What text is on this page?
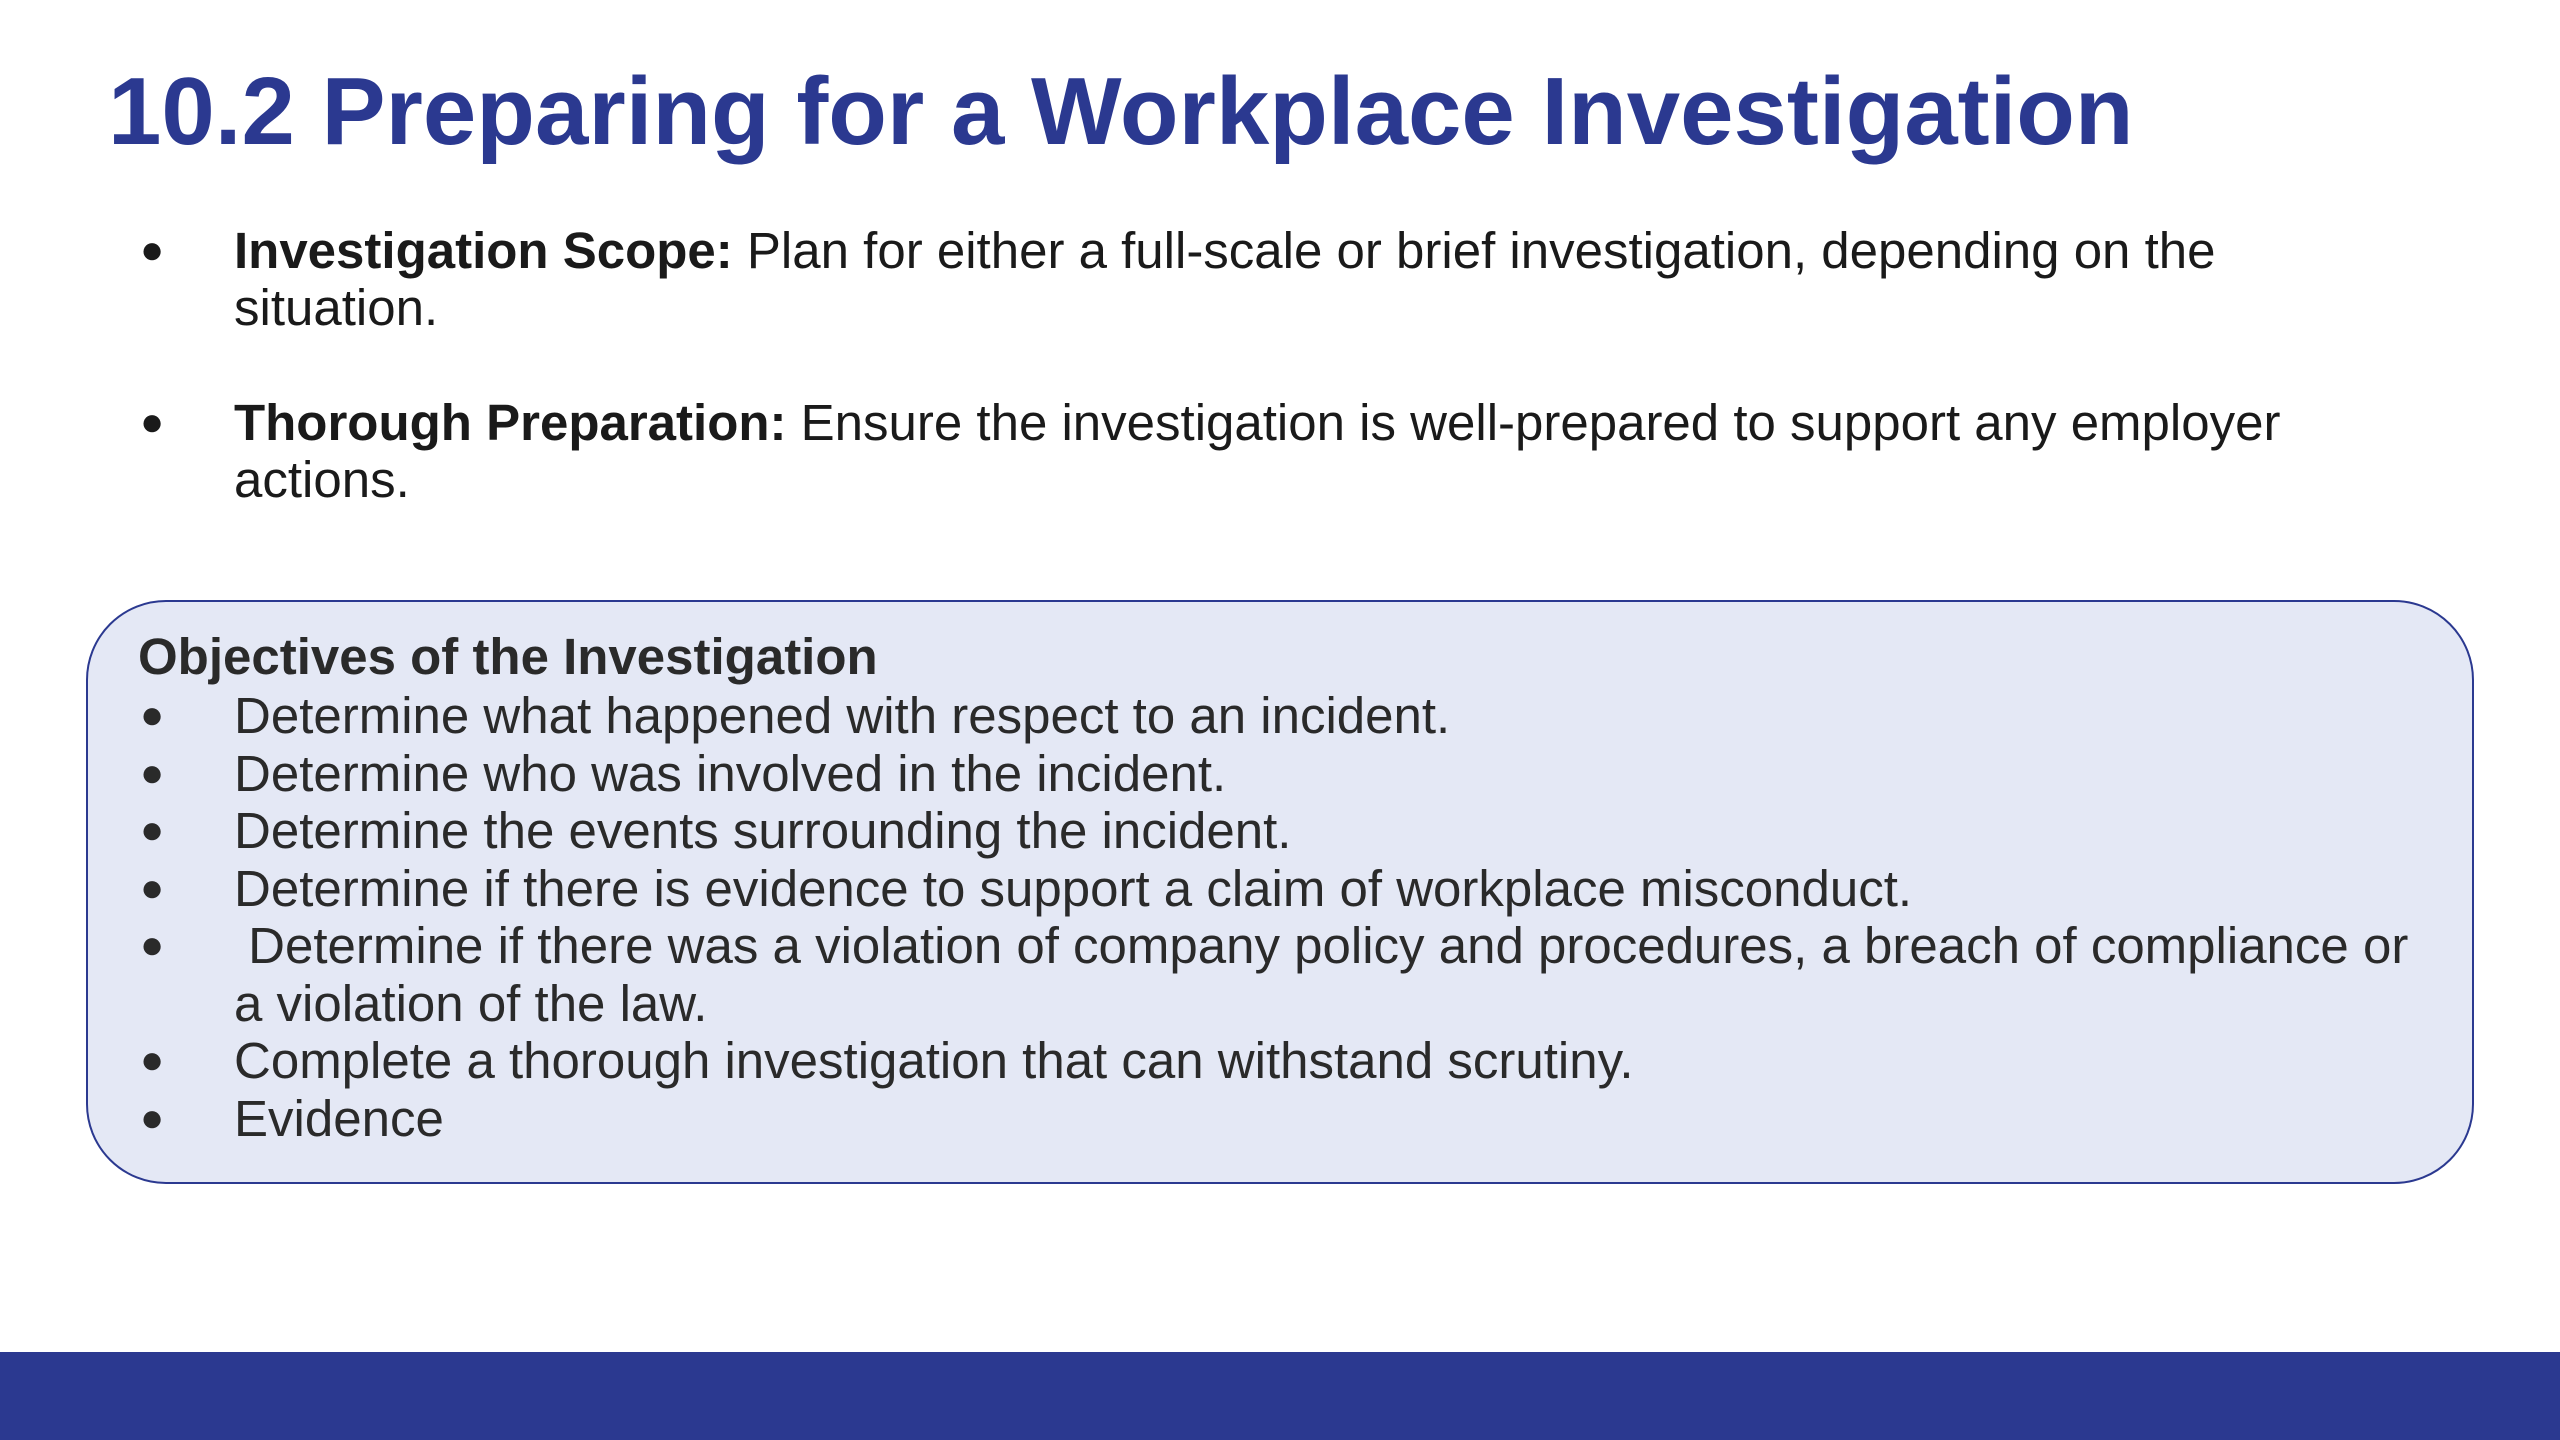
10.2 Preparing for a Workplace Investigation
● Investigation Scope: Plan for either a full-scale or brief investigation, depending on the situation.
● Thorough Preparation: Ensure the investigation is well-prepared to support any employer actions.
Objectives of the Investigation
● Determine what happened with respect to an incident.
● Determine who was involved in the incident.
● Determine the events surrounding the incident.
● Determine if there is evidence to support a claim of workplace misconduct.
● Determine if there was a violation of company policy and procedures, a breach of compliance or a violation of the law.
● Complete a thorough investigation that can withstand scrutiny.
● Evidence
